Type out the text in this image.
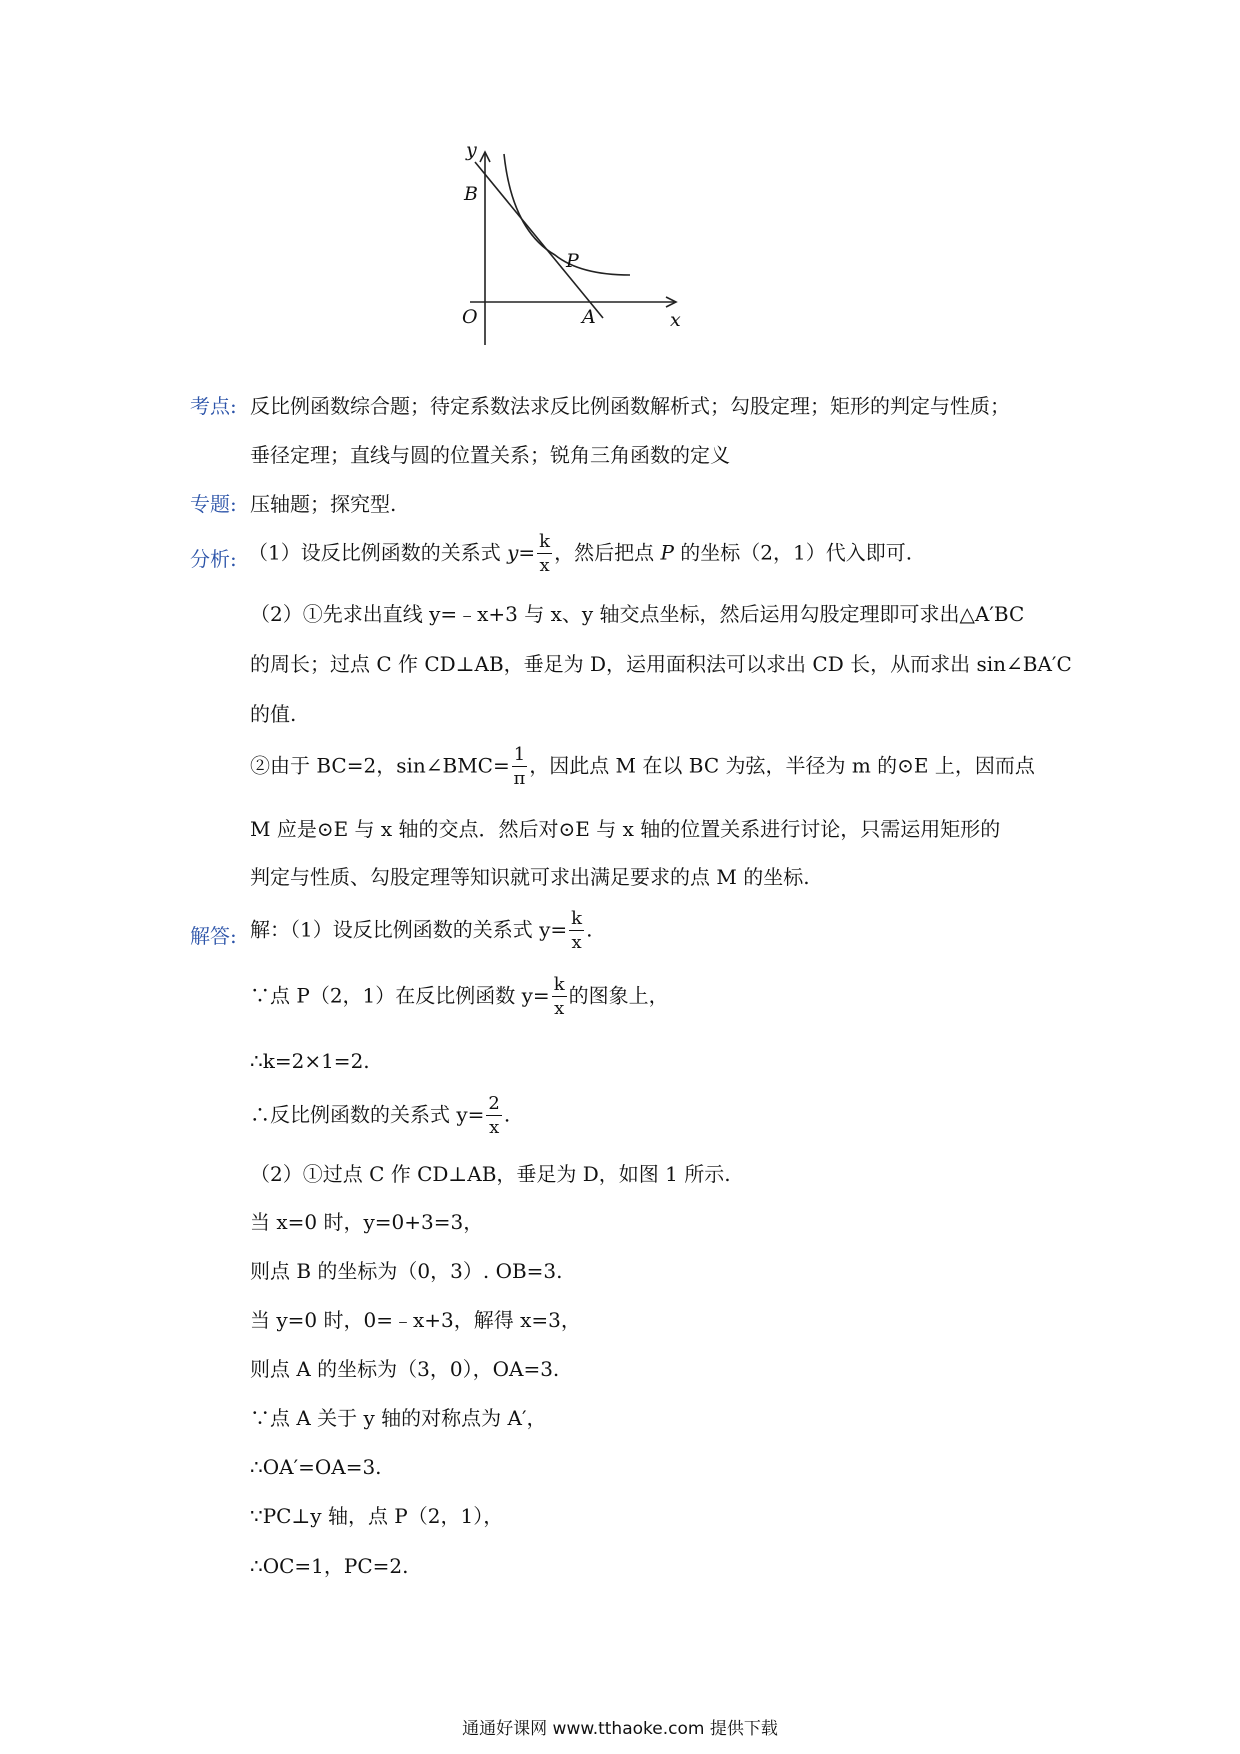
y
B
P
O	A	x
考点: 反比例函数综合题；待定系数法求反比例函数解析式；勾股定理；矩形的判定与性质；
垂径定理；直线与圆的位置关系；锐角三角函数的定义
专题: 压轴题；探究型.
分析: （1）设反比例函数的关系式 $y= \frac{k}{x}$ ，然后把点 P 的坐标（2，1）代入即可.
（2）①先求出直线 y=﹣x+3 与 x、y 轴交点坐标，然后运用勾股定理即可求出△A′BC
的周长；过点 C 作 CD⊥AB，垂足为 D，运用面积法可以求出 CD 长，从而求出 sin∠BA′C
的值.
②由于 BC=2，sin∠BMC= $\frac{1}{\pi}$ ，因此点 M 在以 BC 为弦，半径为 m 的⊙E 上，因而点
M 应是⊙E 与 x 轴的交点．然后对⊙E 与 x 轴的位置关系进行讨论，只需运用矩形的
判定与性质、勾股定理等知识就可求出满足要求的点 M 的坐标.
解答: 解：（1）设反比例函数的关系式 $y= \frac{k}{x}$ .
∵点 P（2，1）在反比例函数 $y= \frac{k}{x}$ 的图象上，
∴k=2×1=2.
∴反比例函数的关系式 $y= \frac{2}{x}$ .
（2）①过点 C 作 CD⊥AB，垂足为 D，如图 1 所示.
当 x=0 时，y=0+3=3，
则点 B 的坐标为（0，3）. OB=3.
当 y=0 时，0=﹣x+3，解得 x=3，
则点 A 的坐标为（3，0），OA=3.
∵点 A 关于 y 轴的对称点为 A′，
∴OA′=OA=3.
∵PC⊥y 轴，点 P（2，1），
∴OC=1，PC=2.
通通好课网 www.tthaoke.com 提供下载
